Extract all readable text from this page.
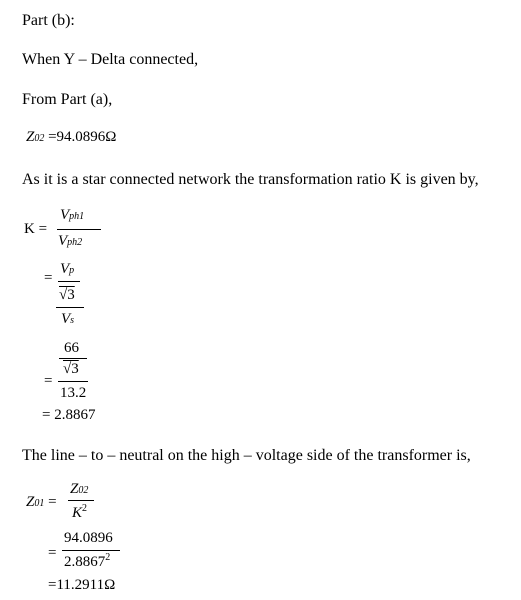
Part (b):
When Y – Delta connected,
From Part (a),
Z02 =94.0896Ω
As it is a star connected network the transformation ratio K is given by,
K =
Vph1
Vph2
=
Vp
√3
Vs
=
66
√3
13.2
= 2.8867
The line – to – neutral on the high – voltage side of the transformer is,
Z01 =
Z02
$K^2$
=
94.0896
$2.8867^2$
=11.2911Ω
